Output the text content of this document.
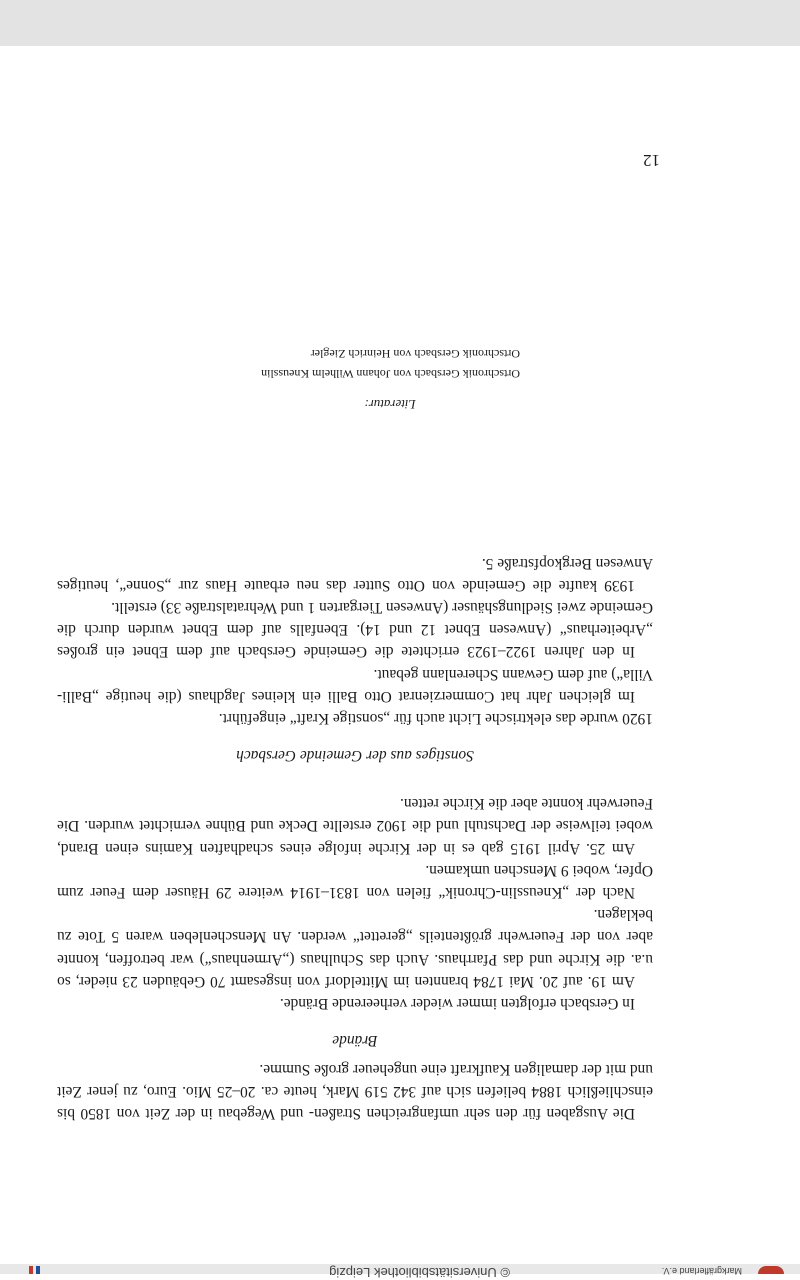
© Universitätsbibliothek Leipzig	Markgräflerland e.V.

Die Ausgaben für den sehr umfangreichen Straßen- und Wegebau in der Zeit von 1850 bis einschließlich 1884 beliefen sich auf 342 519 Mark, heute ca. 20–25 Mio. Euro, zu jener Zeit und mit der damaligen Kaufkraft eine ungeheuer große Summe.

Brände

In Gersbach erfolgten immer wieder verheerende Brände.

Am 19. auf 20. Mai 1784 brannten im Mitteldorf von insgesamt 70 Gebäuden 23 nieder, so u.a. die Kirche und das Pfarrhaus. Auch das Schulhaus („Armenhaus“) war betroffen, konnte aber von der Feuerwehr größtenteils „gerettet“ werden. An Menschenleben waren 5 Tote zu beklagen.

Nach der „Kneusslin-Chronik“ fielen von 1831–1914 weitere 29 Häuser dem Feuer zum Opfer, wobei 9 Menschen umkamen.

Am 25. April 1915 gab es in der Kirche infolge eines schadhaften Kamins einen Brand, wobei teilweise der Dachstuhl und die 1902 erstellte Decke und Bühne vernichtet wurden. Die Feuerwehr konnte aber die Kirche retten.

Sonstiges aus der Gemeinde Gersbach

1920 wurde das elektrische Licht auch für „sonstige Kraft“ eingeführt.

Im gleichen Jahr hat Commerzienrat Otto Balli ein kleines Jagdhaus (die heutige „Balli-Villa“) auf dem Gewann Scherenlann gebaut.

In den Jahren 1922–1923 errichtete die Gemeinde Gersbach auf dem Ebnet ein großes „Arbeiterhaus“ (Anwesen Ebnet 12 und 14). Ebenfalls auf dem Ebnet wurden durch die Gemeinde zwei Siedlungshäuser (Anwesen Tiergarten 1 und Wehratalstraße 33) erstellt.

1939 kaufte die Gemeinde von Otto Sutter das neu erbaute Haus zur „Sonne“, heutiges Anwesen Bergkopfstraße 5.

Literatur:
Ortschronik Gersbach von Johann Wilhelm Kneusslin
Ortschronik Gersbach von Heinrich Ziegler
12
